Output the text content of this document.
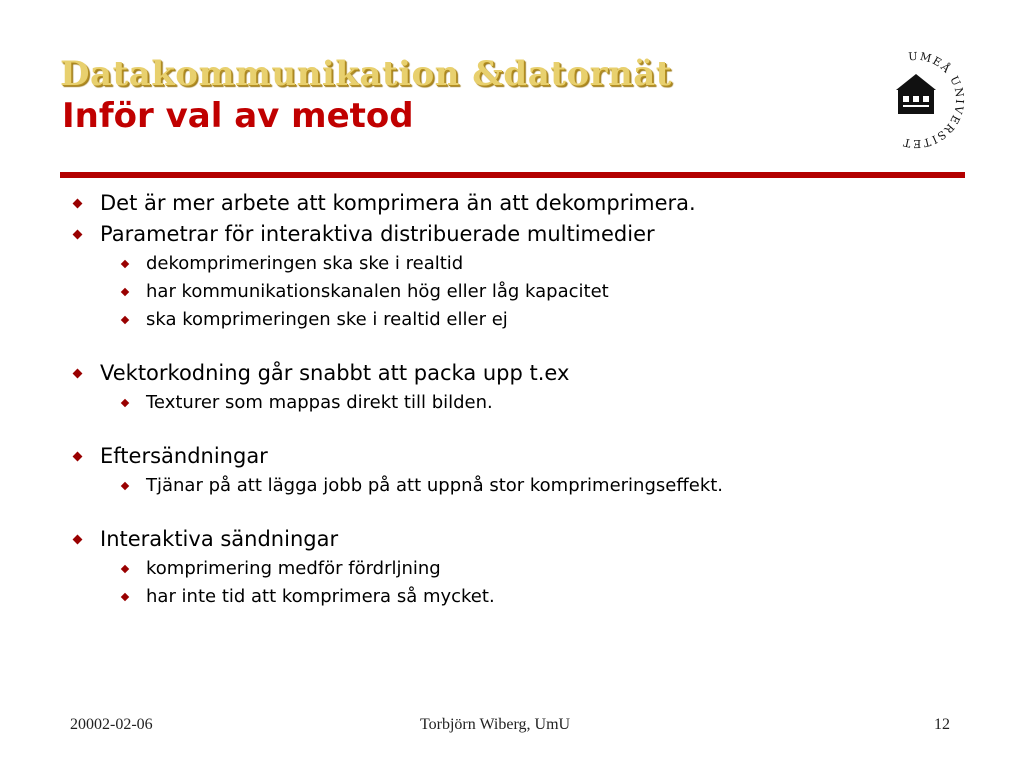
Datakommunikation &datornät
Inför val av metod
UMEÅ UNIVERSITET
Det är mer arbete att komprimera än att dekomprimera.
Parametrar för interaktiva distribuerade multimedier
dekomprimeringen ska ske i realtid
har kommunikationskanalen hög eller låg kapacitet
ska komprimeringen ske i realtid eller ej
Vektorkodning går snabbt att packa upp t.ex
Texturer som mappas direkt till bilden.
Eftersändningar
Tjänar på att lägga jobb på att uppnå stor komprimeringseffekt.
Interaktiva sändningar
komprimering medför fördrljning
har inte tid att komprimera så mycket.
20002-02-06	Torbjörn Wiberg, UmU	12
